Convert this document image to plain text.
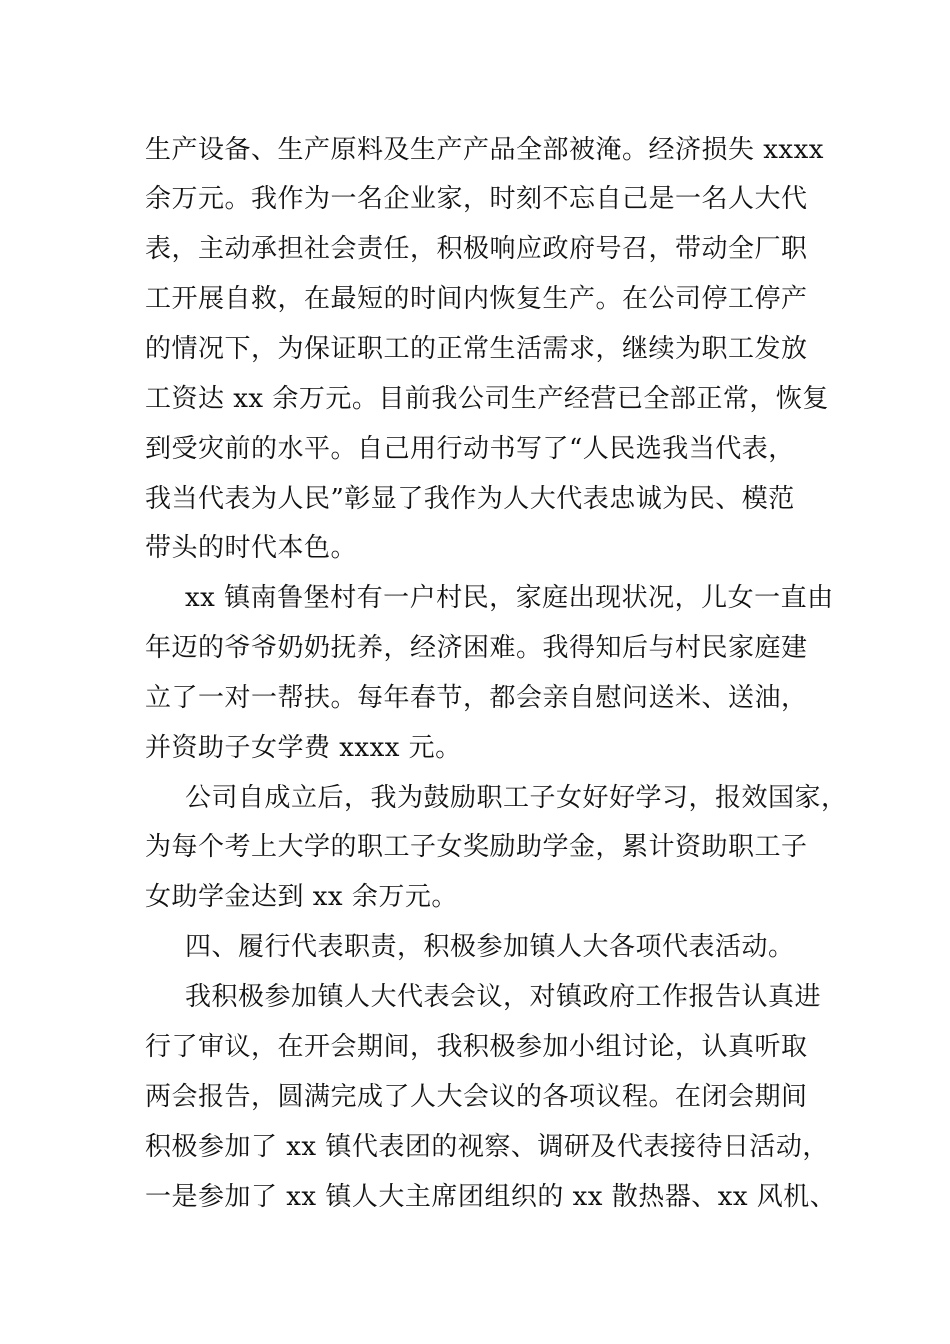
生产设备、生产原料及生产产品全部被淹。经济损失 xxxx
余万元。我作为一名企业家，时刻不忘自己是一名人大代
表，主动承担社会责任，积极响应政府号召，带动全厂职
工开展自救，在最短的时间内恢复生产。在公司停工停产
的情况下，为保证职工的正常生活需求，继续为职工发放
工资达 xx 余万元。目前我公司生产经营已全部正常，恢复
到受灾前的水平。自己用行动书写了“人民选我当代表，
我当代表为人民”彰显了我作为人大代表忠诚为民、模范
带头的时代本色。
xx 镇南鲁堡村有一户村民，家庭出现状况，儿女一直由
年迈的爷爷奶奶抚养，经济困难。我得知后与村民家庭建
立了一对一帮扶。每年春节，都会亲自慰问送米、送油，
并资助子女学费 xxxx 元。
公司自成立后，我为鼓励职工子女好好学习，报效国家，
为每个考上大学的职工子女奖励助学金，累计资助职工子
女助学金达到 xx 余万元。
四、履行代表职责，积极参加镇人大各项代表活动。
我积极参加镇人大代表会议，对镇政府工作报告认真进
行了审议，在开会期间，我积极参加小组讨论，认真听取
两会报告，圆满完成了人大会议的各项议程。在闭会期间
积极参加了 xx 镇代表团的视察、调研及代表接待日活动，
一是参加了 xx 镇人大主席团组织的 xx 散热器、xx 风机、
